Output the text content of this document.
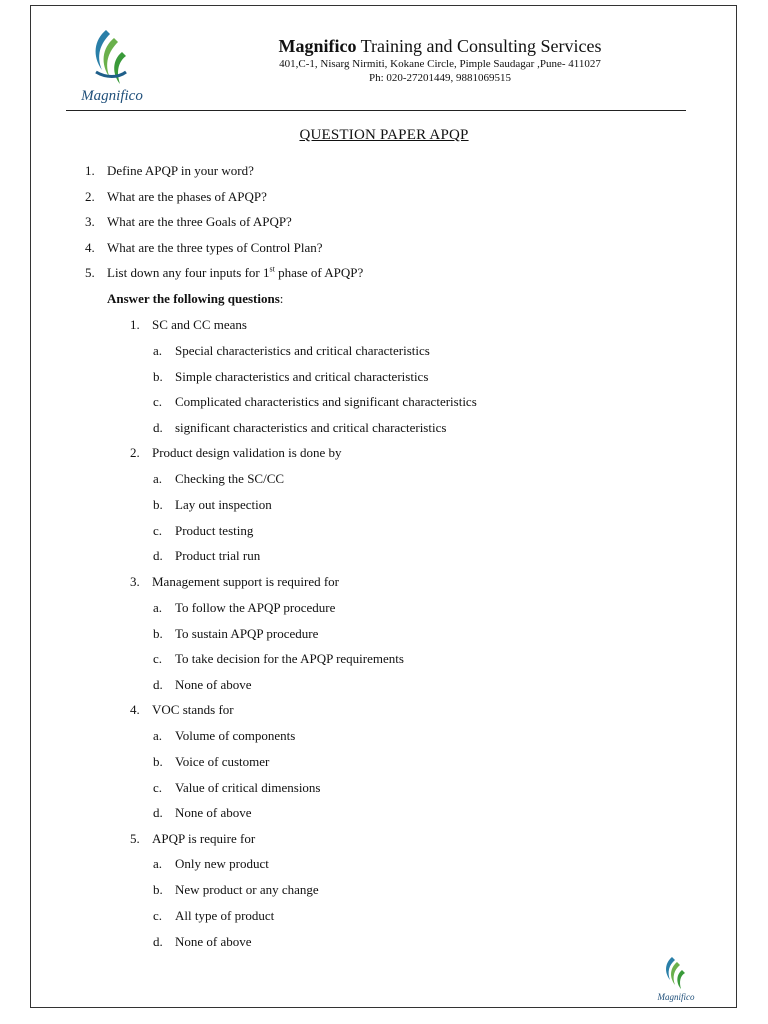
Magnifico
Magnifico Training and Consulting Services
401,C-1, Nisarg Nirmiti, Kokane Circle, Pimple Saudagar ,Pune- 411027
Ph: 020-27201449, 9881069515
QUESTION PAPER APQP
1. Define APQP in your word?
2. What are the phases of APQP?
3. What are the three Goals of APQP?
4. What are the three types of Control Plan?
5. List down any four inputs for 1st phase of APQP?
Answer the following questions:
1. SC and CC means
a. Special characteristics and critical characteristics
b. Simple characteristics and critical characteristics
c. Complicated characteristics and significant characteristics
d. significant characteristics and critical characteristics
2. Product design validation is done by
a. Checking the SC/CC
b. Lay out inspection
c. Product testing
d. Product trial run
3. Management support is required for
a. To follow the APQP procedure
b. To sustain APQP procedure
c. To take decision for the APQP requirements
d. None of above
4. VOC stands for
a. Volume of components
b. Voice of customer
c. Value of critical dimensions
d. None of above
5. APQP is require for
a. Only new product
b. New product or any change
c. All type of product
d. None of above
Magnifico
